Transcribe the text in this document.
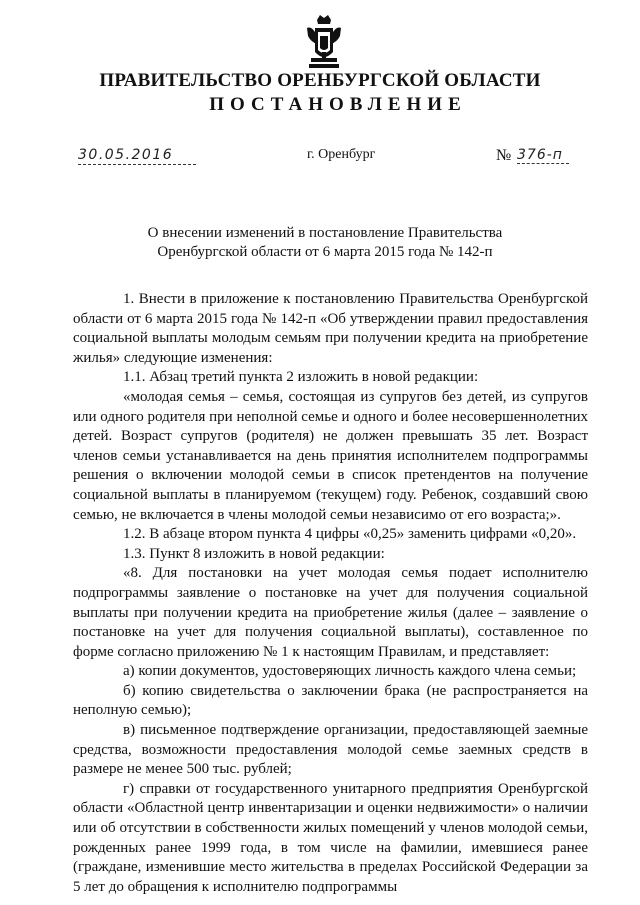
ПРАВИТЕЛЬСТВО ОРЕНБУРГСКОЙ ОБЛАСТИ
ПОСТАНОВЛЕНИЕ
30.05.2016	г. Оренбург	№ 376-п
О внесении изменений в постановление Правительства
Оренбургской области от 6 марта 2015 года № 142-п

1. Внести в приложение к постановлению Правительства Оренбургской области от 6 марта 2015 года № 142-п «Об утверждении правил предоставления социальной выплаты молодым семьям при получении кредита на приобретение жилья» следующие изменения:

1.1. Абзац третий пункта 2 изложить в новой редакции:

«молодая семья – семья, состоящая из супругов без детей, из супругов или одного родителя при неполной семье и одного и более несовершеннолетних детей. Возраст супругов (родителя) не должен превышать 35 лет. Возраст членов семьи устанавливается на день принятия исполнителем подпрограммы решения о включении молодой семьи в список претендентов на получение социальной выплаты в планируемом (текущем) году. Ребенок, создавший свою семью, не включается в члены молодой семьи независимо от его возраста;».

1.2. В абзаце втором пункта 4 цифры «0,25» заменить цифрами «0,20».

1.3. Пункт 8 изложить в новой редакции:

«8. Для постановки на учет молодая семья подает исполнителю подпрограммы заявление о постановке на учет для получения социальной выплаты при получении кредита на приобретение жилья (далее – заявление о постановке на учет для получения социальной выплаты), составленное по форме согласно приложению № 1 к настоящим Правилам, и представляет:

а) копии документов, удостоверяющих личность каждого члена семьи;

б) копию свидетельства о заключении брака (не распространяется на неполную семью);

в) письменное подтверждение организации, предоставляющей заемные средства, возможности предоставления молодой семье заемных средств в размере не менее 500 тыс. рублей;

г) справки от государственного унитарного предприятия Оренбургской области «Областной центр инвентаризации и оценки недвижимости» о наличии или об отсутствии в собственности жилых помещений у членов молодой семьи, рожденных ранее 1999 года, в том числе на фамилии, имевшиеся ранее (граждане, изменившие место жительства в пределах Российской Федерации за 5 лет до обращения к исполнителю подпрограммы
